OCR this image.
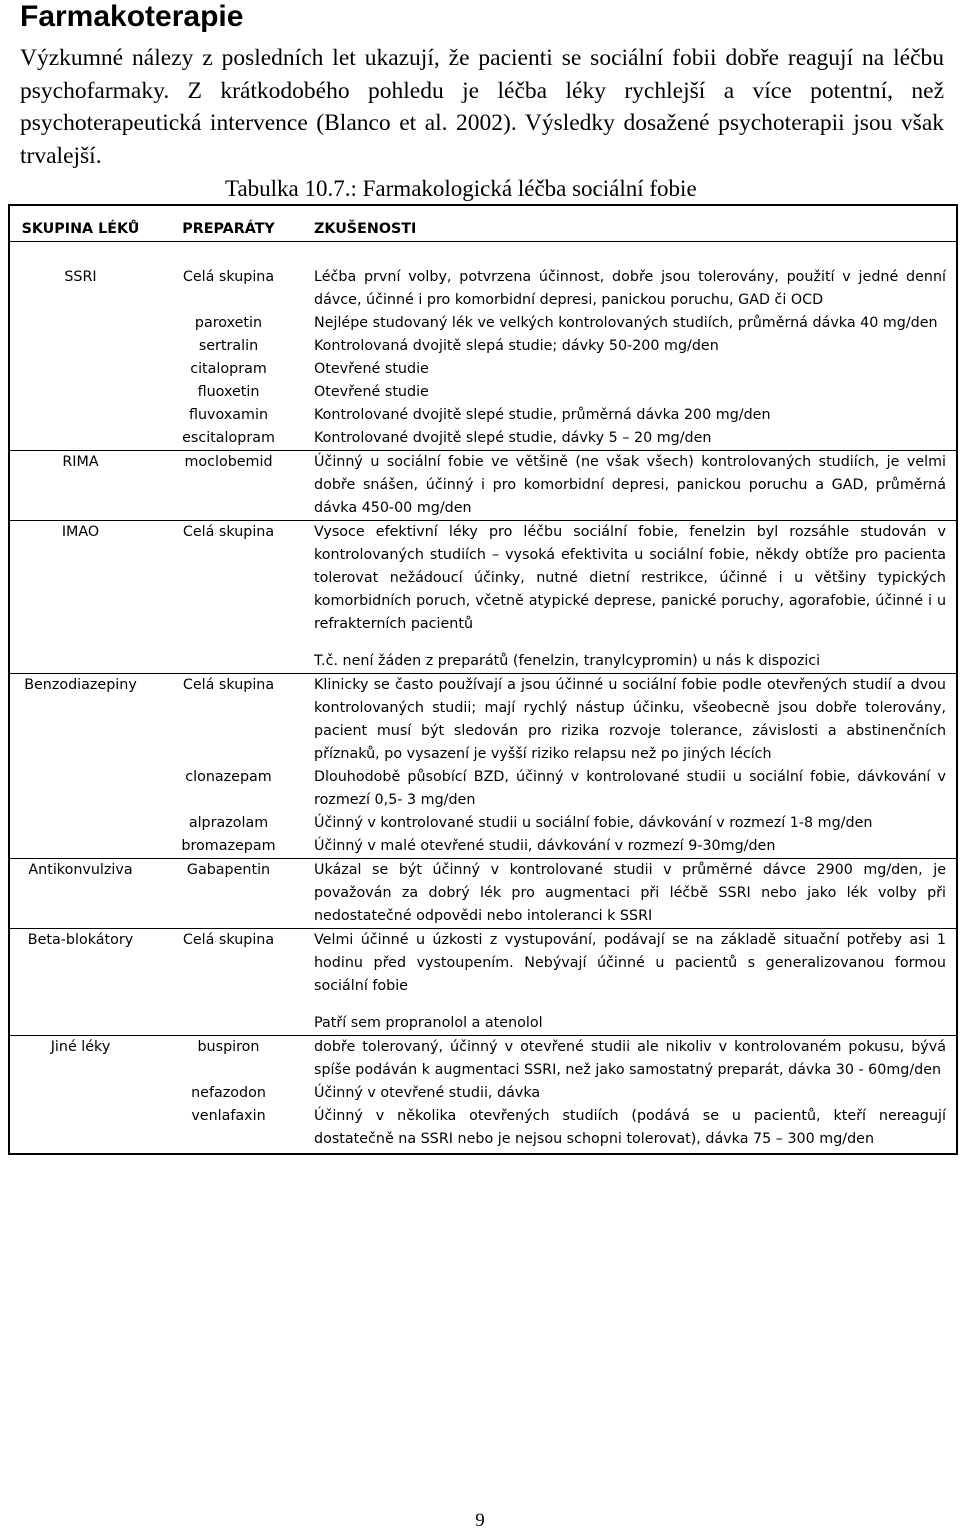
Farmakoterapie

Výzkumné nálezy z posledních let ukazují, že pacienti se sociální fobii dobře reagují na léčbu psychofarmaky. Z krátkodobého pohledu je léčba léky rychlejší a více potentní, než psychoterapeutická intervence (Blanco et al. 2002). Výsledky dosažené psychoterapii jsou však trvalejší.

Tabulka 10.7.: Farmakologická léčba sociální fobie
SKUPINA LÉKŮ	PREPARÁTY	ZKUŠENOSTI
SSRI	Celá skupina	Léčba první volby, potvrzena účinnost, dobře jsou tolerovány, použití v jedné denní dávce, účinné i pro komorbidní depresi, panickou poruchu, GAD či OCD
	paroxetin	Nejlépe studovaný lék ve velkých kontrolovaných studiích, průměrná dávka 40 mg/den
	sertralin	Kontrolovaná dvojitě slepá studie; dávky 50-200 mg/den
	citalopram	Otevřené studie
	fluoxetin	Otevřené studie
	fluvoxamin	Kontrolované dvojitě slepé studie, průměrná dávka 200 mg/den
	escitalopram	Kontrolované dvojitě slepé studie, dávky 5 – 20 mg/den
RIMA	moclobemid	Účinný u sociální fobie ve většině (ne však všech) kontrolovaných studiích, je velmi dobře snášen, účinný i pro komorbidní depresi, panickou poruchu a GAD, průměrná dávka 450-00 mg/den
IMAO	Celá skupina	Vysoce efektivní léky pro léčbu sociální fobie, fenelzin byl rozsáhle studován v kontrolovaných studiích – vysoká efektivita u sociální fobie, někdy obtíže pro pacienta tolerovat nežádoucí účinky, nutné dietní restrikce, účinné i u většiny typických komorbidních poruch, včetně atypické deprese, panické poruchy, agorafobie, účinné i u refrakterních pacientů
T.č. není žáden z preparátů (fenelzin, tranylcypromin) u nás k dispozici

Benzodiazepiny	Celá skupina	Klinicky se často používají a jsou účinné u sociální fobie podle otevřených studií a dvou kontrolovaných studii; mají rychlý nástup účinku, všeobecně jsou dobře tolerovány, pacient musí být sledován pro rizika rozvoje tolerance, závislosti a abstinenčních příznaků, po vysazení je vyšší riziko relapsu než po jiných lécích
	clonazepam	Dlouhodobě působící BZD, účinný v kontrolované studii u sociální fobie, dávkování v rozmezí 0,5- 3 mg/den
	alprazolam	Účinný v kontrolované studii u sociální fobie, dávkování v rozmezí 1-8 mg/den
	bromazepam	Účinný v malé otevřené studii, dávkování v rozmezí 9-30mg/den
Antikonvulziva	Gabapentin	Ukázal se být účinný v kontrolované studii v průměrné dávce 2900 mg/den, je považován za dobrý lék pro augmentaci při léčbě SSRI nebo jako lék volby při nedostatečné odpovědi nebo intoleranci k SSRI
Beta-blokátory	Celá skupina	Velmi účinné u úzkosti z vystupování, podávají se na základě situační potřeby asi 1 hodinu před vystoupením. Nebývají účinné u pacientů s generalizovanou formou sociální fobie
Patří sem propranolol a atenolol

Jiné léky	buspiron	dobře tolerovaný, účinný v otevřené studii ale nikoliv v kontrolovaném pokusu, bývá spíše podáván k augmentaci SSRI, než jako samostatný preparát, dávka 30 - 60mg/den
	nefazodon	Účinný v otevřené studii, dávka
	venlafaxin	Účinný v několika otevřených studiích (podává se u pacientů, kteří nereagují dostatečně na SSRI nebo je nejsou schopni tolerovat), dávka 75 – 300 mg/den
9
